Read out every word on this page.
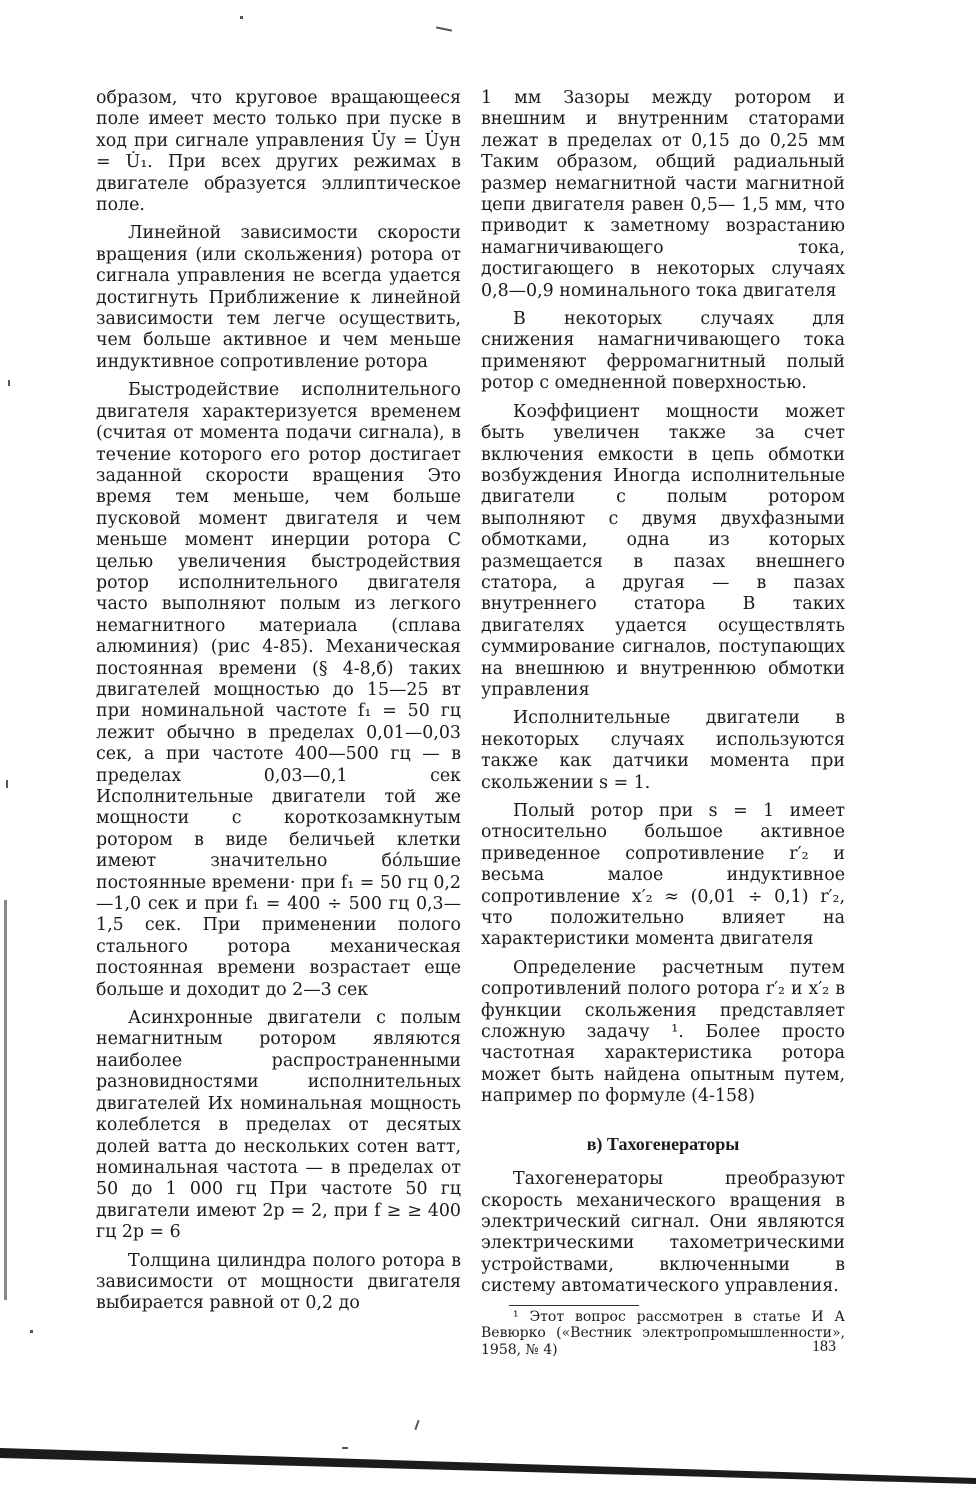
образом, что круговое вращающееся поле имеет место только при пуске в ход при сигнале управления U̇у = U̇ун = U̇₁. При всех других режимах в двигателе образуется эллиптическое поле.

Линейной зависимости скорости вращения (или скольжения) ротора от сигнала управления не всегда удается достигнуть Приближение к линейной зависимости тем легче осуществить, чем больше активное и чем меньше индуктивное сопротивление ротора

Быстродействие исполнительного двигателя характеризуется временем (считая от момента подачи сигнала), в течение которого его ротор достигает заданной скорости вращения Это время тем меньше, чем больше пусковой момент двигателя и чем меньше момент инерции ротора С целью увеличения быстродействия ротор исполнительного двигателя часто выполняют полым из легкого немагнитного материала (сплава алюминия) (рис 4-85). Механическая постоянная времени (§ 4-8,б) таких двигателей мощностью до 15—25 вт при номинальной частоте f₁ = 50 гц лежит обычно в пределах 0,01—0,03 сек, а при частоте 400—500 гц — в пределах 0,03—0,1 сек Исполнительные двигатели той же мощности с короткозамкнутым ротором в виде беличьей клетки имеют значительно бо́льшие постоянные времени· при f₁ = 50 гц 0,2—1,0 сек и при f₁ = 400 ÷ 500 гц 0,3—1,5 сек. При применении полого стального ротора механическая постоянная времени возрастает еще больше и доходит до 2—3 сек

Асинхронные двигатели с полым немагнитным ротором являются наиболее распространенными разновидностями исполнительных двигателей Их номинальная мощность колеблется в пределах от десятых долей ватта до нескольких сотен ватт, номинальная частота — в пределах от 50 до 1 000 гц При частоте 50 гц двигатели имеют 2p = 2, при f ≥ ≥ 400 гц 2p = 6

Толщина цилиндра полого ротора в зависимости от мощности двигателя выбирается равной от 0,2 до

1 мм Зазоры между ротором и внешним и внутренним статорами лежат в пределах от 0,15 до 0,25 мм Таким образом, общий радиальный размер немагнитной части магнитной цепи двигателя равен 0,5— 1,5 мм, что приводит к заметному возрастанию намагничивающего тока, достигающего в некоторых случаях 0,8—0,9 номинального тока двигателя

В некоторых случаях для снижения намагничивающего тока применяют ферромагнитный полый ротор с омедненной поверхностью.

Коэффициент мощности может быть увеличен также за счет включения емкости в цепь обмотки возбуждения Иногда исполнительные двигатели с полым ротором выполняют с двумя двухфазными обмотками, одна из которых размещается в пазах внешнего статора, а другая — в пазах внутреннего статора В таких двигателях удается осуществлять суммирование сигналов, поступающих на внешнюю и внутреннюю обмотки управления

Исполнительные двигатели в некоторых случаях используются также как датчики момента при скольжении s = 1.

Полый ротор при s = 1 имеет относительно большое активное приведенное сопротивление r′₂ и весьма малое индуктивное сопротивление x′₂ ≈ (0,01 ÷ 0,1) r′₂, что положительно влияет на характеристики момента двигателя

Определение расчетным путем сопротивлений полого ротора r′₂ и x′₂ в функции скольжения представляет сложную задачу ¹. Более просто частотная характеристика ротора может быть найдена опытным путем, например по формуле (4-158)

в) Тахогенераторы

Тахогенераторы преобразуют скорость механического вращения в электрический сигнал. Они являются электрическими тахометрическими устройствами, включенными в систему автоматического управления.

¹ Этот вопрос рассмотрен в статье И А Вевюрко («Вестник электропромышленности», 1958, № 4)	183
